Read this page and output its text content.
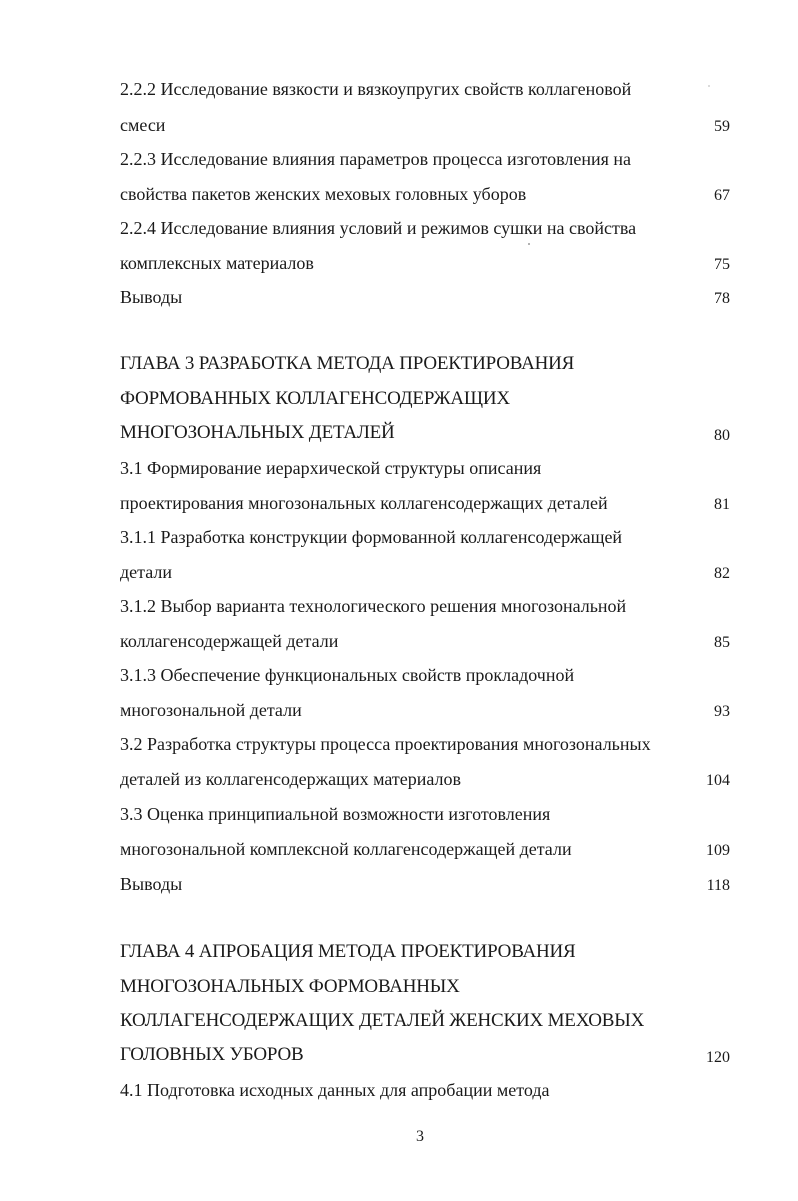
2.2.2 Исследование вязкости и вязкоупругих свойств коллагеновой
смеси	59
2.2.3 Исследование влияния параметров процесса изготовления на
свойства пакетов женских меховых головных уборов	67
2.2.4 Исследование влияния условий и режимов сушки на свойства
комплексных материалов	75
Выводы	78
ГЛАВА 3 РАЗРАБОТКА МЕТОДА ПРОЕКТИРОВАНИЯ
ФОРМОВАННЫХ КОЛЛАГЕНСОДЕРЖАЩИХ
МНОГОЗОНАЛЬНЫХ ДЕТАЛЕЙ	80
3.1 Формирование иерархической структуры описания
проектирования многозональных коллагенсодержащих деталей	81
3.1.1 Разработка конструкции формованной коллагенсодержащей
детали	82
3.1.2 Выбор варианта технологического решения многозональной
коллагенсодержащей детали	85
3.1.3 Обеспечение функциональных свойств прокладочной
многозональной детали	93
3.2 Разработка структуры процесса проектирования многозональных
деталей из коллагенсодержащих материалов	104
3.3 Оценка принципиальной возможности изготовления
многозональной комплексной коллагенсодержащей детали	109
Выводы	118
ГЛАВА 4 АПРОБАЦИЯ МЕТОДА ПРОЕКТИРОВАНИЯ
МНОГОЗОНАЛЬНЫХ ФОРМОВАННЫХ
КОЛЛАГЕНСОДЕРЖАЩИХ ДЕТАЛЕЙ ЖЕНСКИХ МЕХОВЫХ
ГОЛОВНЫХ УБОРОВ	120
4.1 Подготовка исходных данных для апробации метода
3
